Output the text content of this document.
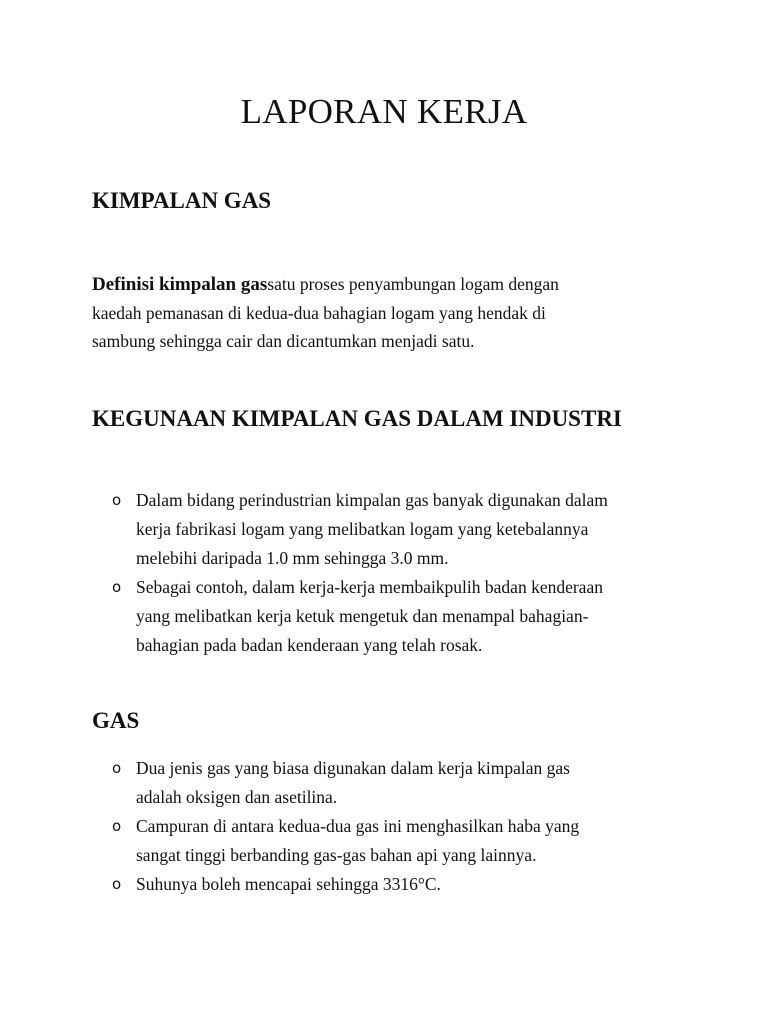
LAPORAN KERJA
KIMPALAN GAS

Definisi kimpalan gassatu proses penyambungan logam dengan
kaedah pemanasan di kedua-dua bahagian logam yang hendak di
sambung sehingga cair dan dicantumkan menjadi satu.

KEGUNAAN KIMPALAN GAS DALAM INDUSTRI
o Dalam bidang perindustrian kimpalan gas banyak digunakan dalam
kerja fabrikasi logam yang melibatkan logam yang ketebalannya
melebihi daripada 1.0 mm sehingga 3.0 mm.
o Sebagai contoh, dalam kerja-kerja membaikpulih badan kenderaan
yang melibatkan kerja ketuk mengetuk dan menampal bahagian-
bahagian pada badan kenderaan yang telah rosak.
GAS
o Dua jenis gas yang biasa digunakan dalam kerja kimpalan gas
adalah oksigen dan asetilina.
o Campuran di antara kedua-dua gas ini menghasilkan haba yang
sangat tinggi berbanding gas-gas bahan api yang lainnya.
o Suhunya boleh mencapai sehingga 3316°C.
